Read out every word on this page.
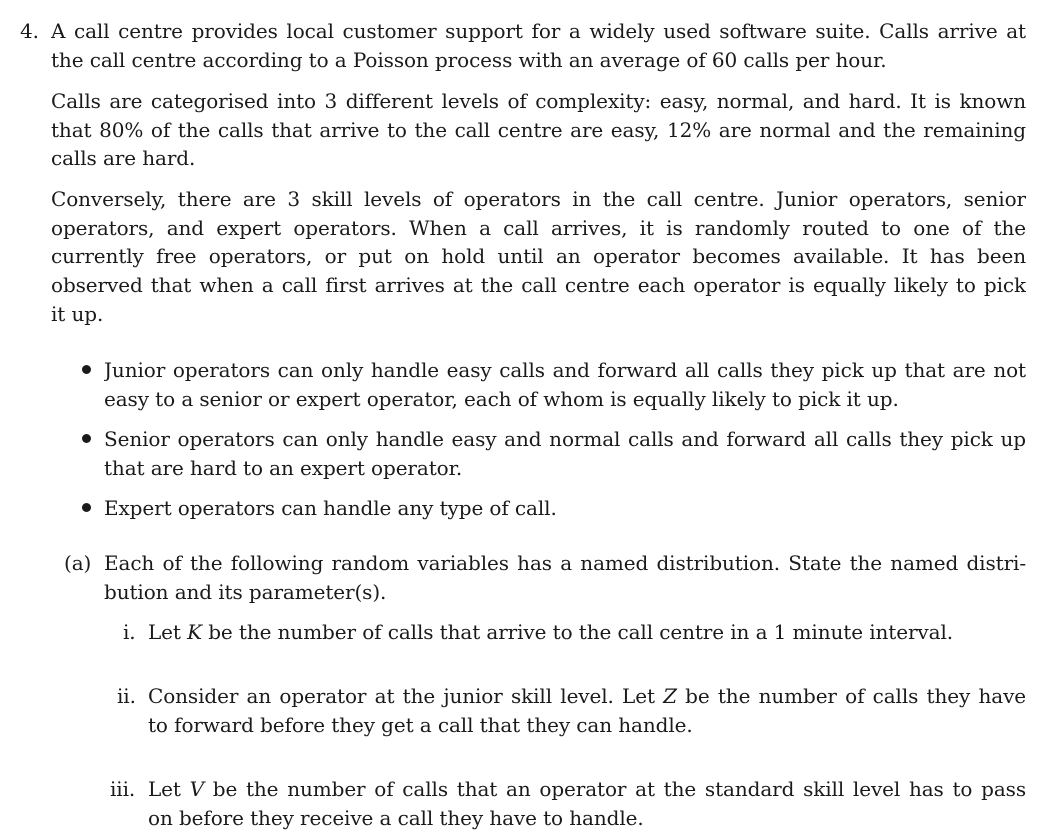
4. A call centre provides local customer support for a widely used software suite. Calls arrive at
the call centre according to a Poisson process with an average of 60 calls per hour.
Calls are categorised into 3 different levels of complexity: easy, normal, and hard. It is known
that 80% of the calls that arrive to the call centre are easy, 12% are normal and the remaining
calls are hard.
Conversely, there are 3 skill levels of operators in the call centre. Junior operators, senior
operators, and expert operators. When a call arrives, it is randomly routed to one of the
currently free operators, or put on hold until an operator becomes available. It has been
observed that when a call first arrives at the call centre each operator is equally likely to pick
it up.
Junior operators can only handle easy calls and forward all calls they pick up that are not
easy to a senior or expert operator, each of whom is equally likely to pick it up.
Senior operators can only handle easy and normal calls and forward all calls they pick up
that are hard to an expert operator.
Expert operators can handle any type of call.
(a) Each of the following random variables has a named distribution. State the named distri-
bution and its parameter(s).
i. Let K be the number of calls that arrive to the call centre in a 1 minute interval.
ii. Consider an operator at the junior skill level. Let Z be the number of calls they have
to forward before they get a call that they can handle.
iii. Let V be the number of calls that an operator at the standard skill level has to pass
on before they receive a call they have to handle.
